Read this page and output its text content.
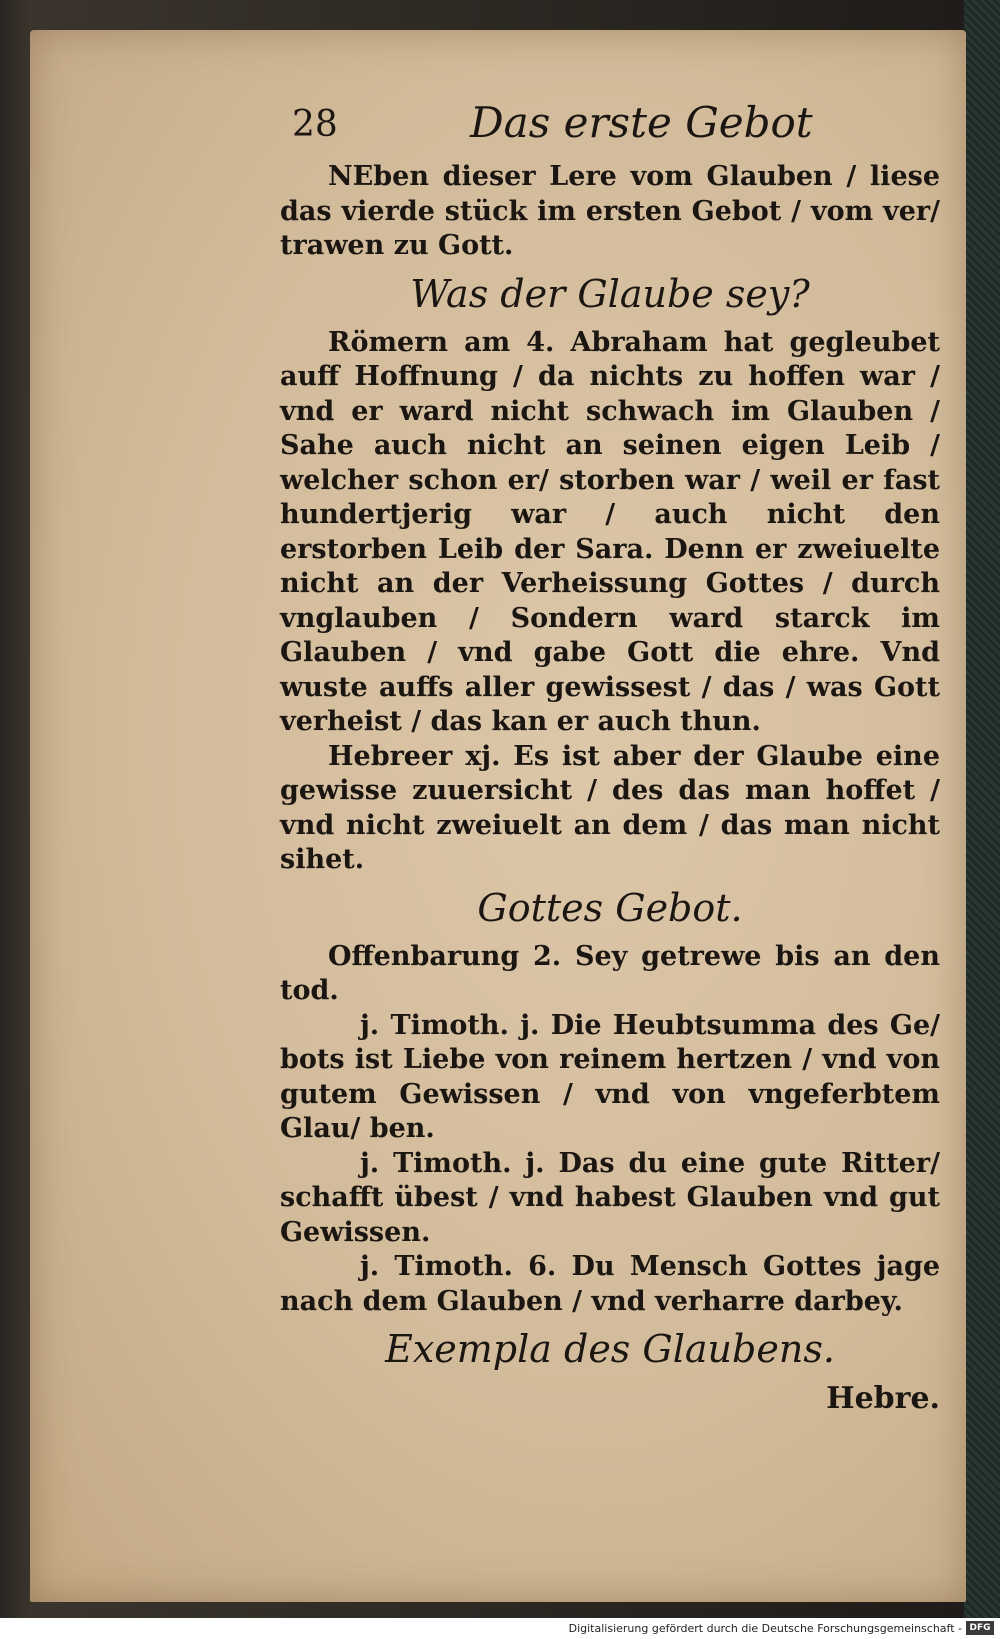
28	Das erste Gebot

NEben dieser Lere vom Glauben / liese das vierde stück im ersten Gebot / vom ver/ trawen zu Gott.

Was der Glaube sey?

Römern am 4. Abraham hat gegleubet auff Hoffnung / da nichts zu hoffen war / vnd er ward nicht schwach im Glauben / Sahe auch nicht an seinen eigen Leib / welcher schon er/ storben war / weil er fast hundertjerig war / auch nicht den erstorben Leib der Sara. Denn er zweiuelte nicht an der Verheissung Gottes / durch vnglauben / Sondern ward starck im Glauben / vnd gabe Gott die ehre. Vnd wuste auffs aller gewissest / das / was Gott verheist / das kan er auch thun.

Hebreer xj. Es ist aber der Glaube eine gewisse zuuersicht / des das man hoffet / vnd nicht zweiuelt an dem / das man nicht sihet.

Gottes Gebot.

Offenbarung 2. Sey getrewe bis an den tod.

j. Timoth. j. Die Heubtsumma des Ge/ bots ist Liebe von reinem hertzen / vnd von gutem Gewissen / vnd von vngeferbtem Glau/ ben.

j. Timoth. j. Das du eine gute Ritter/ schafft übest / vnd habest Glauben vnd gut Gewissen.

j. Timoth. 6. Du Mensch Gottes jage nach dem Glauben / vnd verharre darbey.

Exempla des Glaubens.
Hebre.
Digitalisierung gefördert durch die Deutsche Forschungsgemeinschaft - DFG
